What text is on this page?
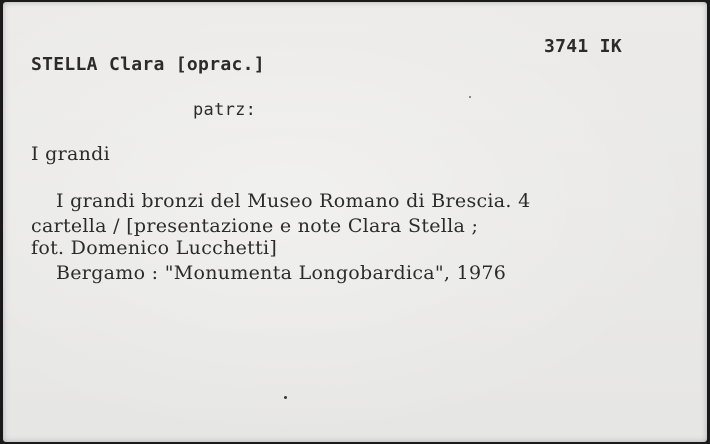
3741 IK
STELLA Clara [oprac.]
patrz:
I grandi
I grandi bronzi del Museo Romano di Brescia. 4
cartella / [presentazione e note Clara Stella ;
fot. Domenico Lucchetti]
Bergamo : "Monumenta Longobardica", 1976
